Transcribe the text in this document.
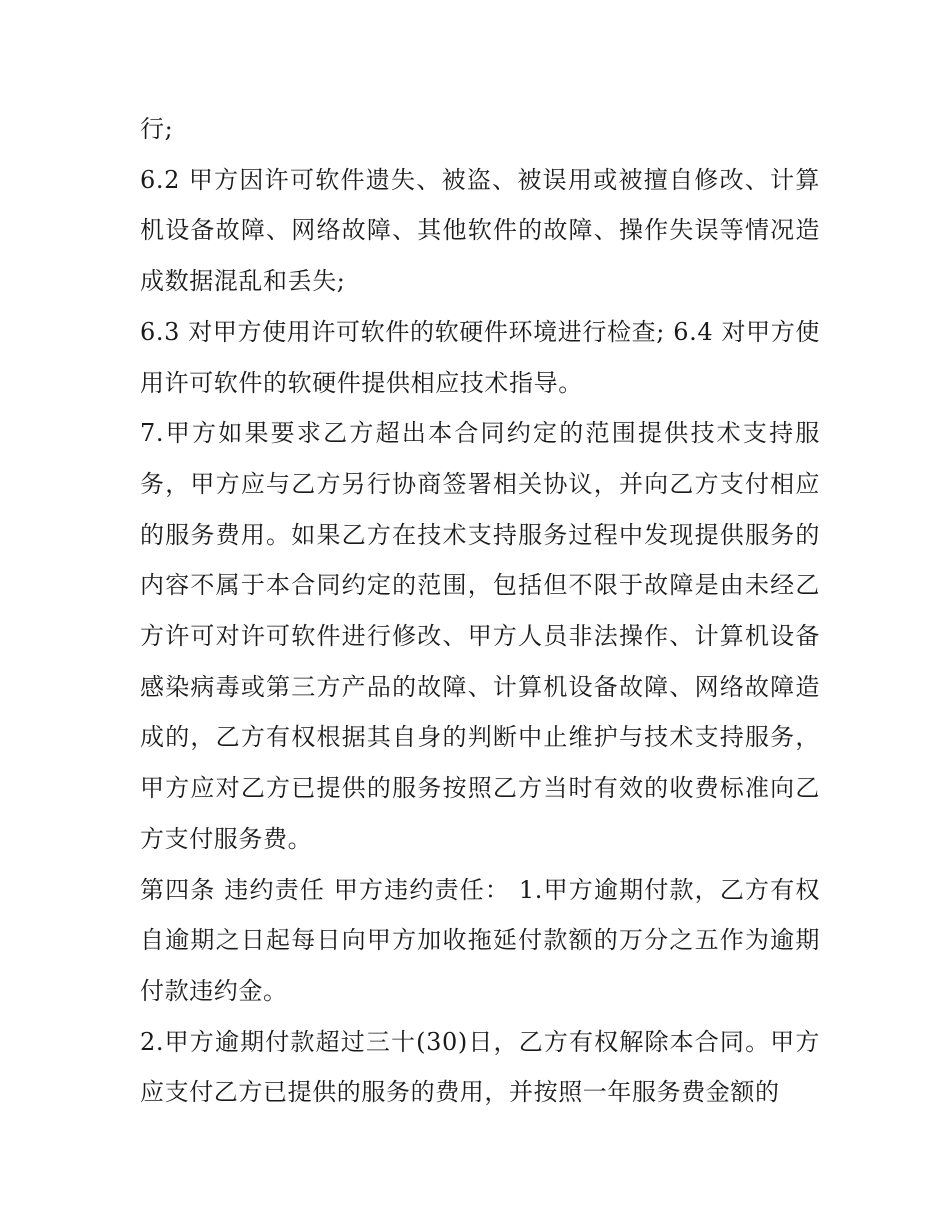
行;

6.2 甲方因许可软件遗失、被盗、被误用或被擅自修改、计算机设备故障、网络故障、其他软件的故障、操作失误等情况造成数据混乱和丢失;

6.3 对甲方使用许可软件的软硬件环境进行检查; 6.4 对甲方使用许可软件的软硬件提供相应技术指导。

7.甲方如果要求乙方超出本合同约定的范围提供技术支持服务，甲方应与乙方另行协商签署相关协议，并向乙方支付相应的服务费用。如果乙方在技术支持服务过程中发现提供服务的内容不属于本合同约定的范围，包括但不限于故障是由未经乙方许可对许可软件进行修改、甲方人员非法操作、计算机设备感染病毒或第三方产品的故障、计算机设备故障、网络故障造成的，乙方有权根据其自身的判断中止维护与技术支持服务，甲方应对乙方已提供的服务按照乙方当时有效的收费标准向乙方支付服务费。

第四条 违约责任 甲方违约责任： 1.甲方逾期付款，乙方有权自逾期之日起每日向甲方加收拖延付款额的万分之五作为逾期付款违约金。

2.甲方逾期付款超过三十(30)日，乙方有权解除本合同。甲方应支付乙方已提供的服务的费用，并按照一年服务费金额的
